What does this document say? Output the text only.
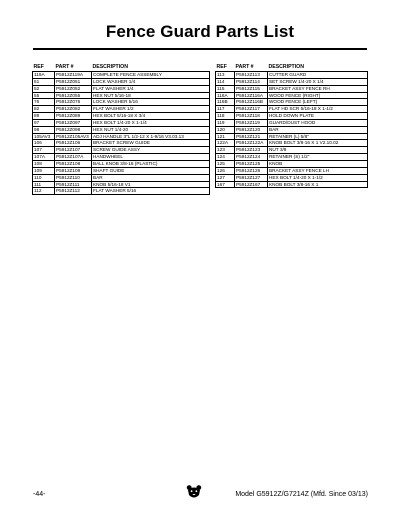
Fence Guard Parts List
REF	PART #	DESCRIPTION
119A	P5912Z119A	COMPLETE FENCE ASSEMBLY
51	P5912Z051	LOCK WASHER 1/4
52	P5912Z052	FLAT WASHER 1/4
55	P5912Z055	HEX NUT 5/16-18
76	P5912Z076	LOCK WASHER 5/16
82	P5912Z082	FLAT WASHER 1/2
89	P5912Z089	HEX BOLT 5/16-18 X 3/4
97	P5912Z097	HEX BOLT 1/4-20 X 1-1/4
98	P5912Z098	HEX NUT 1/4-20
105AV3	P5912Z105AV3	ADJ HANDLE 3"L 1/2-12 X 1-9/16 V3.03.13
106	P5912Z106	BRACKET SCREW GUIDE
107	P5912Z107	SCREW GUIDE ASSY
107A	P5912Z107A	HANDWHEEL
108	P5912Z108	BALL KNOB 3/8-16 (PLASTIC)
109	P5912Z109	SHAFT GUIDE
110	P5912Z110	BAR
111	P5912Z111	KNOB 5/16-18 V1
112	P5912Z112	FLAT WASHER 5/16
REF	PART #	DESCRIPTION
113	P5912Z113	CUTTER GUARD
114	P5912Z114	SET SCREW 1/4-20 X 1/4
115	P5912Z115	BRACKET ASSY FENCE RH
116A	P5912Z116A	WOOD FENCE (RIGHT)
116B	P5912Z116B	WOOD FENCE (LEFT)
117	P5912Z117	FLAT HD SCR 5/16-18 X 1-1/2
118	P5912Z118	HOLD DOWN PLATE
119	P5912Z119	GUARD/DUST HOOD
120	P5912Z120	BAR
121	P5912Z121	RETAINER (L) 5/8"
122A	P5912Z122A	KNOB BOLT 3/8-16 X 1 V2.10.02
123	P5912Z123	NUT 3/8
124	P5912Z124	RETAINER (S) 1/2"
125	P5912Z125	KNOB
126	P5912Z126	BRACKET ASSY FENCE LH
127	P5912Z127	HEX BOLT 1/4-20 X 1-1/2
167	P5912Z167	KNOB BOLT 3/8-16 X 1
-44-	Model G5912Z/G7214Z (Mfd. Since 03/13)
